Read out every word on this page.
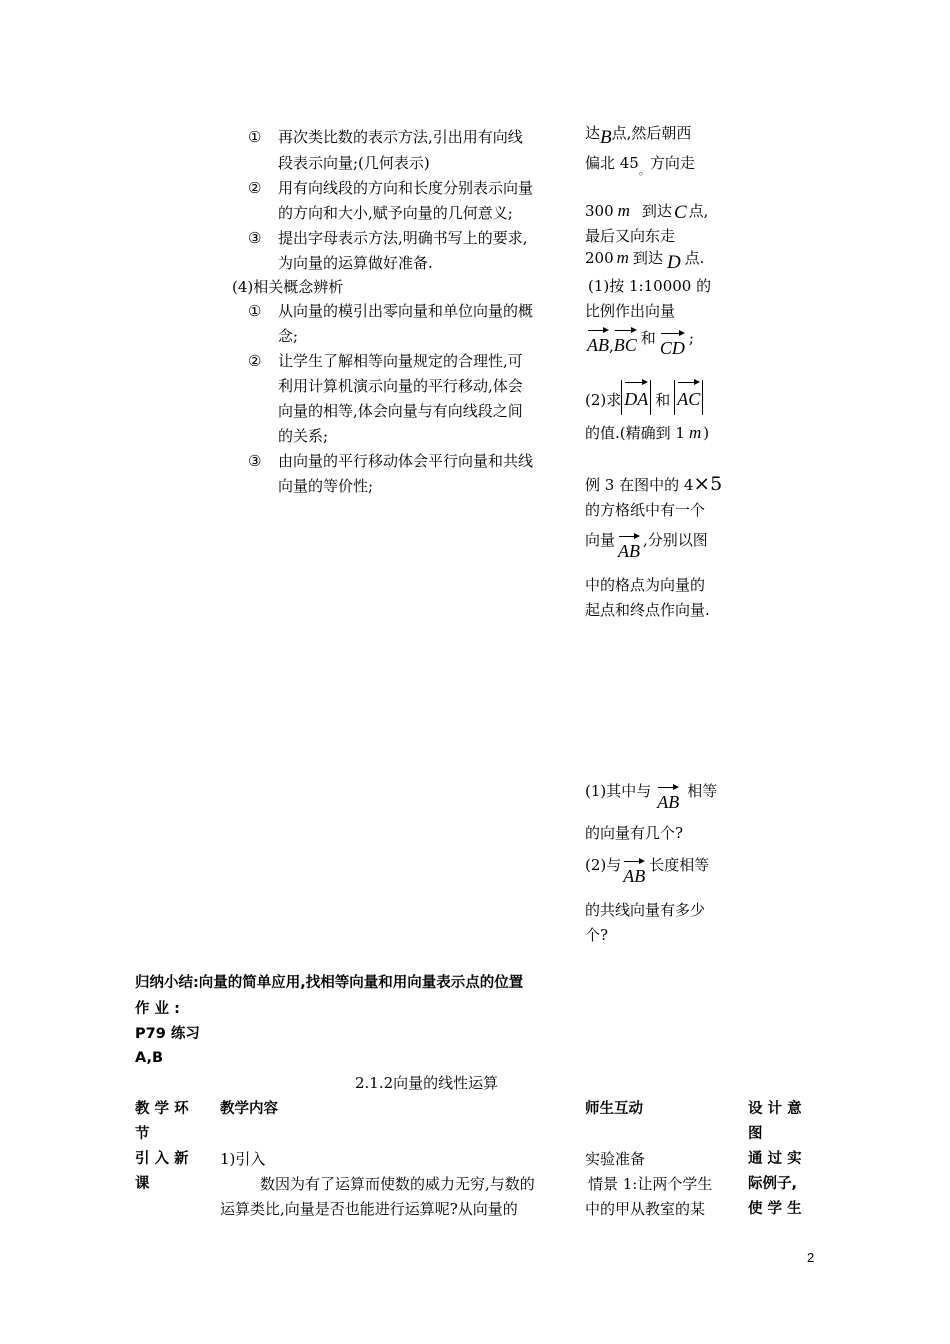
① 再次类比数的表示方法,引出用有向线
段表示向量;(几何表示)
② 用有向线段的方向和长度分别表示向量
的方向和大小,赋予向量的几何意义;
③ 提出字母表示方法,明确书写上的要求,
为向量的运算做好准备.
(4)相关概念辨析
① 从向量的模引出零向量和单位向量的概
念;
② 让学生了解相等向量规定的合理性,可
利用计算机演示向量的平行移动,体会
向量的相等,体会向量与有向线段之间
的关系;
③ 由向量的平行移动体会平行向量和共线
向量的等价性;
达B点,然后朝西
偏北 $45_。$方向走
300 m 到达 C 点,
最后又向东走
200 m 到达 D 点.
(1)按 1:10000 的
比例作出向量
AB,BC 和 CD ;
(2)求 DA 和 AC
的值.(精确到 1 m )
例 3 在图中的 4×5
的方格纸中有一个
向量AB,分别以图
中的格点为向量的
起点和终点作向量.
(1)其中与AB相等
的向量有几个?
(2)与AB长度相等
的共线向量有多少
个?
归纳小结:向量的简单应用,找相等向量和用向量表示点的位置
作 业 :
P79 练习
A,B
2.1.2向量的线性运算
教 学 环
节
教学内容	师生互动	设 计 意
图
引 入 新
课
1)引入
数因为有了运算而使数的威力无穷,与数的
运算类比,向量是否也能进行运算呢?从向量的
实验准备
情景 1:让两个学生
中的甲从教室的某
通 过 实
际例子,
使 学 生
2
